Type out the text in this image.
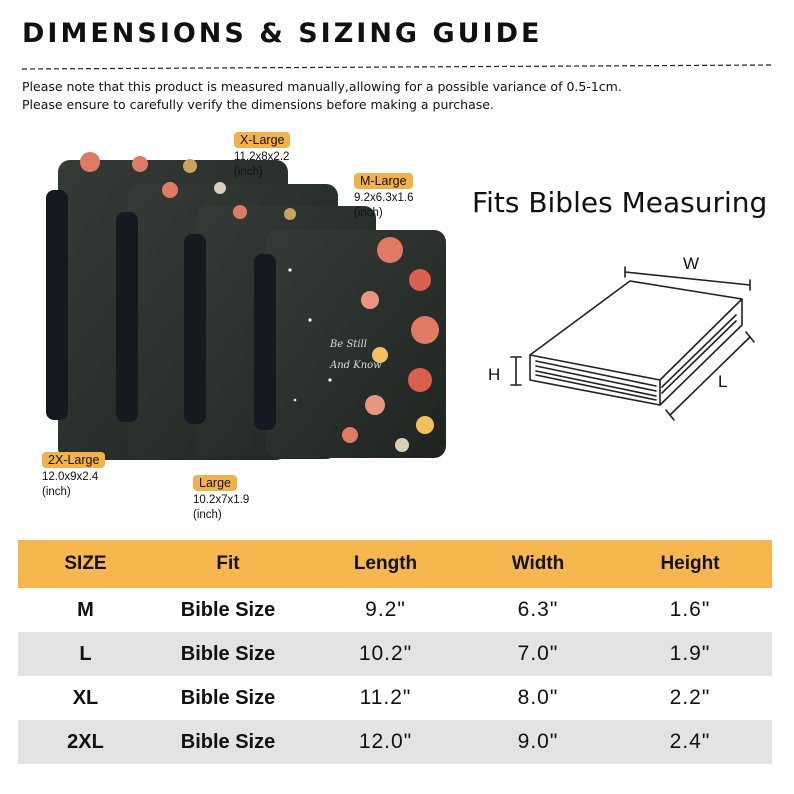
DIMENSIONS & SIZING GUIDE
Please note that this product is measured manually,allowing for a possible variance of 0.5-1cm.
Please ensure to carefully verify the dimensions before making a purchase.
Be Still
And Know
X-Large
11.2x8x2.2
(inch)
M-Large
9.2x6.3x1.6
(inch)
2X-Large
12.0x9x2.4
(inch)
Large
10.2x7x1.9
(inch)
Fits Bibles Measuring
W
H	L
SIZE	Fit	Length	Width	Height
M	Bible Size	9.2"	6.3"	1.6"
L	Bible Size	10.2"	7.0"	1.9"
XL	Bible Size	11.2"	8.0"	2.2"
2XL	Bible Size	12.0"	9.0"	2.4"
